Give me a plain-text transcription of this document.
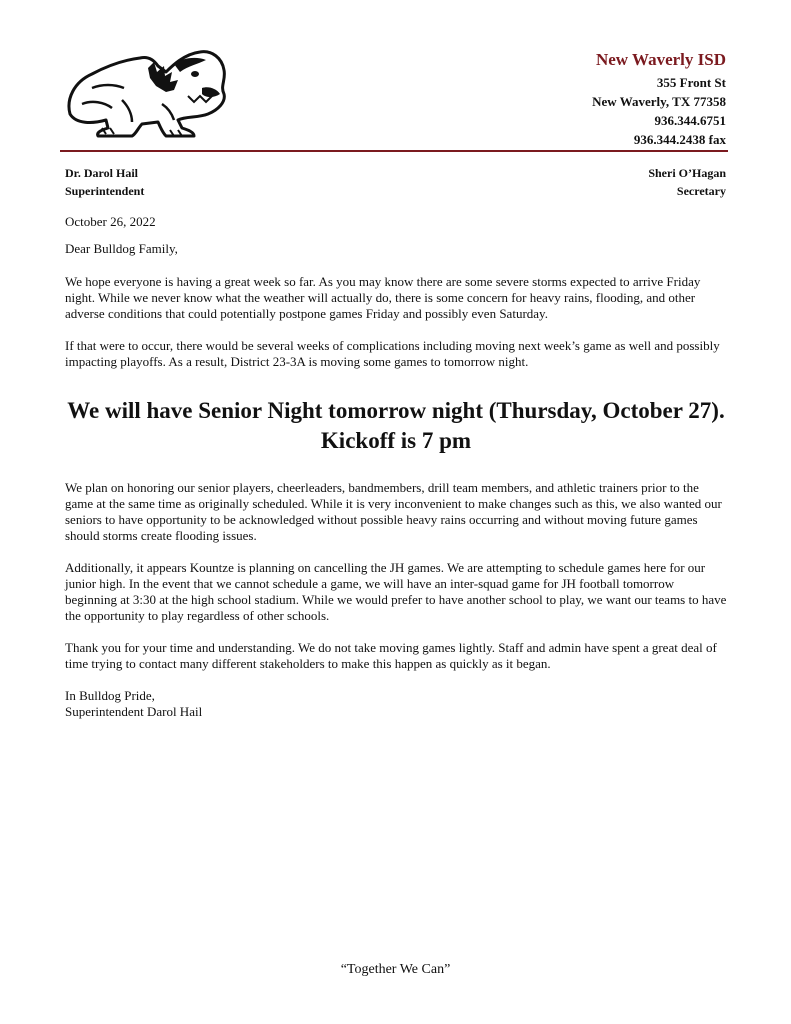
New Waverly ISD
355 Front St
New Waverly, TX 77358
936.344.6751
936.344.2438 fax
Dr. Darol Hail
Superintendent
Sheri O’Hagan
Secretary

October 26, 2022

Dear Bulldog Family,

We hope everyone is having a great week so far. As you may know there are some severe storms expected to arrive Friday night. While we never know what the weather will actually do, there is some concern for heavy rains, flooding, and other adverse conditions that could potentially postpone games Friday and possibly even Saturday.

If that were to occur, there would be several weeks of complications including moving next week’s game as well and possibly impacting playoffs. As a result, District 23-3A is moving some games to tomorrow night.

We will have Senior Night tomorrow night (Thursday, October 27). Kickoff is 7 pm

We plan on honoring our senior players, cheerleaders, bandmembers, drill team members, and athletic trainers prior to the game at the same time as originally scheduled. While it is very inconvenient to make changes such as this, we also wanted our seniors to have opportunity to be acknowledged without possible heavy rains occurring and without moving future games should storms create flooding issues.

Additionally, it appears Kountze is planning on cancelling the JH games. We are attempting to schedule games here for our junior high. In the event that we cannot schedule a game, we will have an inter-squad game for JH football tomorrow beginning at 3:30 at the high school stadium. While we would prefer to have another school to play, we want our teams to have the opportunity to play regardless of other schools.

Thank you for your time and understanding. We do not take moving games lightly. Staff and admin have spent a great deal of time trying to contact many different stakeholders to make this happen as quickly as it began.

In Bulldog Pride,

Superintendent Darol Hail

“Together We Can”
